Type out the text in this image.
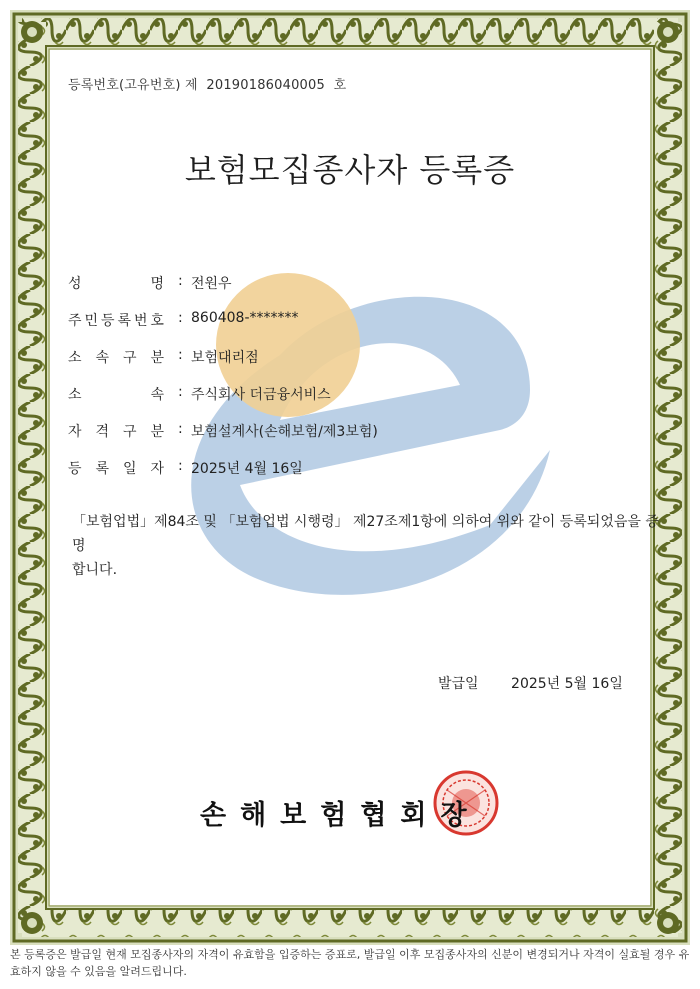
등록번호(고유번호) 제 20190186040005 호
보험모집종사자 등록증
성	명 : 전원우
주 민 등 록 번 호 : 860408-*******
소 속 구 분 : 보험대리점
소	속 : 주식회사 더금융서비스
자 격 구 분 : 보험설계사(손해보험/제3보험)
등 록 일 자 : 2025년 4월 16일
「보험업법」제84조 및 「보험업법 시행령」 제27조제1항에 의하여 위와 같이 등록되었음을 증명
합니다.
발급일 2025년 5월 16일
손해보험협회장
본 등록증은 발급일 현재 모집종사자의 자격이 유효함을 입증하는 증표로, 발급일 이후 모집종사자의 신분이 변경되거나 자격이 실효될 경우 유효하지 않을 수 있음을 알려드립니다.
